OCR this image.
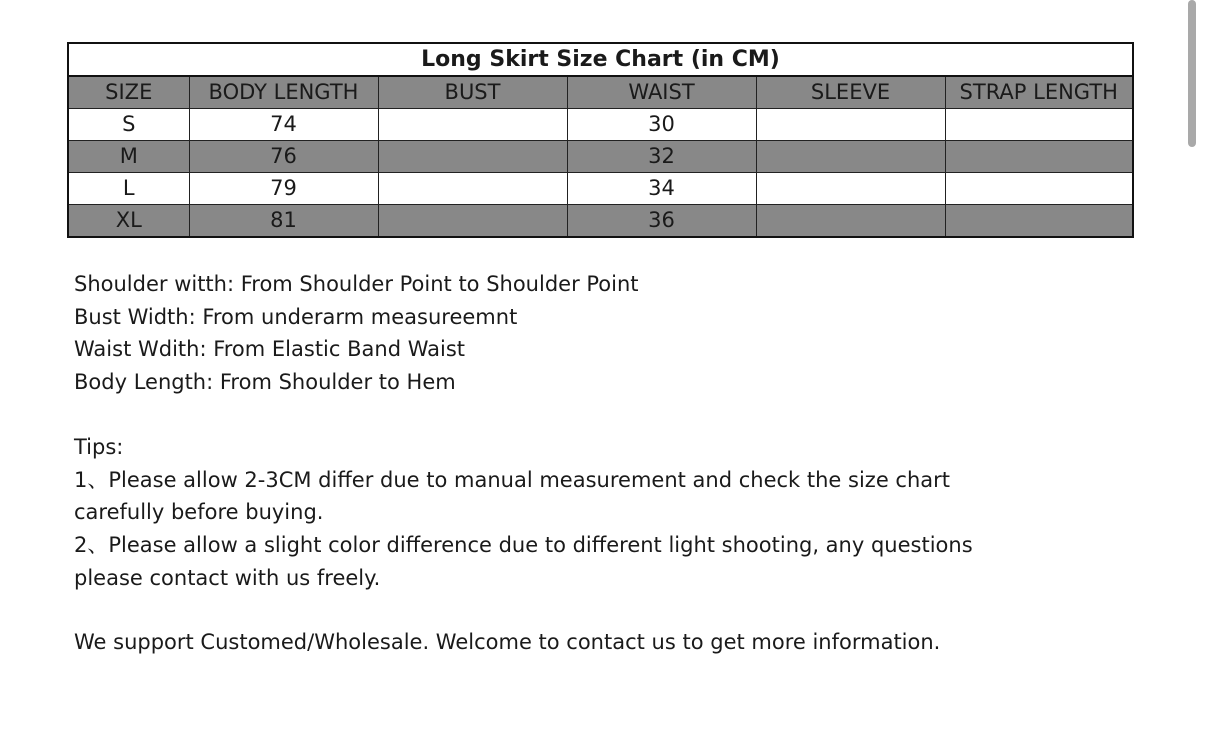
Long Skirt Size Chart (in CM)
SIZE	BODY LENGTH	BUST	WAIST	SLEEVE	STRAP LENGTH
S	74		30		
M	76		32		
L	79		34		
XL	81		36		

Shoulder witth: From Shoulder Point to Shoulder Point

Bust Width: From underarm measureemnt

Waist Wdith: From Elastic Band Waist

Body Length: From Shoulder to Hem

Tips:

1、Please allow 2-3CM differ due to manual measurement and check the size chart

carefully before buying.

2、Please allow a slight color difference due to different light shooting, any questions

please contact with us freely.

We support Customed/Wholesale. Welcome to contact us to get more information.
